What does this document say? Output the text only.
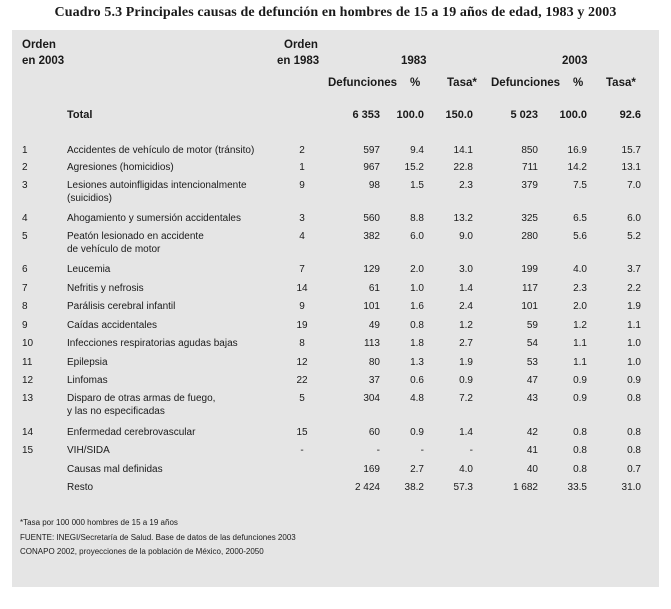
Cuadro 5.3 Principales causas de defunción en hombres de 15 a 19 años de edad, 1983 y 2003
Orden
en 2003
Orden
en 1983	1983	2003
Defunciones % Tasa* Defunciones % Tasa*
Total	6 353	100.0	150.0	5 023	100.0	92.6
1	Accidentes de vehículo de motor (tránsito)	2	597	9.4	14.1	850	16.9	15.7
2	Agresiones (homicidios)	1	967	15.2	22.8	711	14.2	13.1
3	Lesiones autoinfligidas intencionalmente	9	98	1.5	2.3	379	7.5	7.0
(suicidios)
4	Ahogamiento y sumersión accidentales	3	560	8.8	13.2	325	6.5	6.0
5	Peatón lesionado en accidente	4	382	6.0	9.0	280	5.6	5.2
de vehículo de motor
6	Leucemia	7	129	2.0	3.0	199	4.0	3.7
7	Nefritis y nefrosis	14	61	1.0	1.4	117	2.3	2.2
8	Parálisis cerebral infantil	9	101	1.6	2.4	101	2.0	1.9
9	Caídas accidentales	19	49	0.8	1.2	59	1.2	1.1
10	Infecciones respiratorias agudas bajas	8	113	1.8	2.7	54	1.1	1.0
11	Epilepsia	12	80	1.3	1.9	53	1.1	1.0
12	Linfomas	22	37	0.6	0.9	47	0.9	0.9
13	Disparo de otras armas de fuego,	5	304	4.8	7.2	43	0.9	0.8
y las no especificadas
14	Enfermedad cerebrovascular	15	60	0.9	1.4	42	0.8	0.8
15	VIH/SIDA	-	-	-	-	41	0.8	0.8
Causas mal definidas	169	2.7	4.0	40	0.8	0.7
Resto	2 424	38.2	57.3	1 682	33.5	31.0
*Tasa por 100 000 hombres de 15 a 19 años
FUENTE: INEGI/Secretaría de Salud. Base de datos de las defunciones 2003
CONAPO 2002, proyecciones de la población de México, 2000-2050
